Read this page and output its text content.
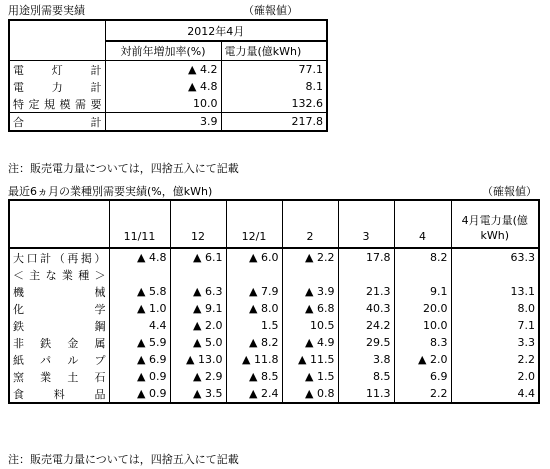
用途別需要実績	（確報値）
	2012年4月	
	対前年増加率(%)	電力量(億kWh)
電灯計	▲ 4.2	77.1
電力計	▲ 4.8	8.1
特定規模需要	10.0	132.6
合計	3.9	217.8
注：販売電力量については，四捨五入にて記載
最近6ヵ月の業種別需要実績(%，億kWh)	（確報値）
	11/11	12	12/1	2	3	4	4月電力量(億kWh)
大口計（再掲）	▲ 4.8	▲ 6.1	▲ 6.0	▲ 2.2	17.8	8.2	63.3
＜主な業種＞							
機械	▲ 5.8	▲ 6.3	▲ 7.9	▲ 3.9	21.3	9.1	13.1
化学	▲ 1.0	▲ 9.1	▲ 8.0	▲ 6.8	40.3	20.0	8.0
鉄鋼	4.4	▲ 2.0	1.5	10.5	24.2	10.0	7.1
非鉄金属	▲ 5.9	▲ 5.0	▲ 8.2	▲ 4.9	29.5	8.3	3.3
紙パルプ	▲ 6.9	▲ 13.0	▲ 11.8	▲ 11.5	3.8	▲ 2.0	2.2
窯業土石	▲ 0.9	▲ 2.9	▲ 8.5	▲ 1.5	8.5	6.9	2.0
食料品	▲ 0.9	▲ 3.5	▲ 2.4	▲ 0.8	11.3	2.2	4.4
注：販売電力量については，四捨五入にて記載
